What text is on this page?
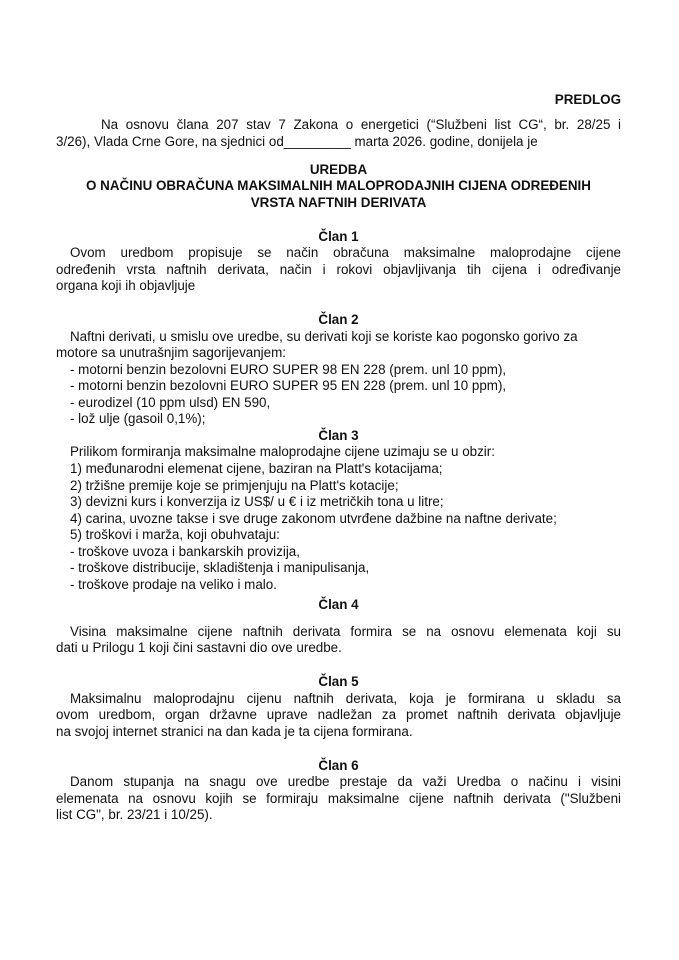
PREDLOG
Na osnovu člana 207 stav 7 Zakona o energetici (“Službeni list CG“, br. 28/25 i
3/26), Vlada Crne Gore, na sjednici od_________ marta 2026. godine, donijela je
UREDBA
O NAČINU OBRAČUNA MAKSIMALNIH MALOPRODAJNIH CIJENA ODREĐENIH
VRSTA NAFTNIH DERIVATA
Član 1
Ovom uredbom propisuje se način obračuna maksimalne maloprodajne cijene
određenih vrsta naftnih derivata, način i rokovi objavljivanja tih cijena i određivanje
organa koji ih objavljuje
Član 2
Naftni derivati, u smislu ove uredbe, su derivati koji se koriste kao pogonsko gorivo za
motore sa unutrašnjim sagorijevanjem:
- motorni benzin bezolovni EURO SUPER 98 EN 228 (prem. unl 10 ppm),
- motorni benzin bezolovni EURO SUPER 95 EN 228 (prem. unl 10 ppm),
- eurodizel (10 ppm ulsd) EN 590,
- lož ulje (gasoil 0,1%);
Član 3
Prilikom formiranja maksimalne maloprodajne cijene uzimaju se u obzir:
1) međunarodni elemenat cijene, baziran na Platt's kotacijama;
2) tržišne premije koje se primjenjuju na Platt's kotacije;
3) devizni kurs i konverzija iz US$/ u € i iz metričkih tona u litre;
4) carina, uvozne takse i sve druge zakonom utvrđene dažbine na naftne derivate;
5) troškovi i marža, koji obuhvataju:
- troškove uvoza i bankarskih provizija,
- troškove distribucije, skladištenja i manipulisanja,
- troškove prodaje na veliko i malo.
Član 4
Visina maksimalne cijene naftnih derivata formira se na osnovu elemenata koji su
dati u Prilogu 1 koji čini sastavni dio ove uredbe.
Član 5
Maksimalnu maloprodajnu cijenu naftnih derivata, koja je formirana u skladu sa
ovom uredbom, organ državne uprave nadležan za promet naftnih derivata objavljuje
na svojoj internet stranici na dan kada je ta cijena formirana.
Član 6
Danom stupanja na snagu ove uredbe prestaje da važi Uredba o načinu i visini
elemenata na osnovu kojih se formiraju maksimalne cijene naftnih derivata ("Službeni
list CG", br. 23/21 i 10/25).
